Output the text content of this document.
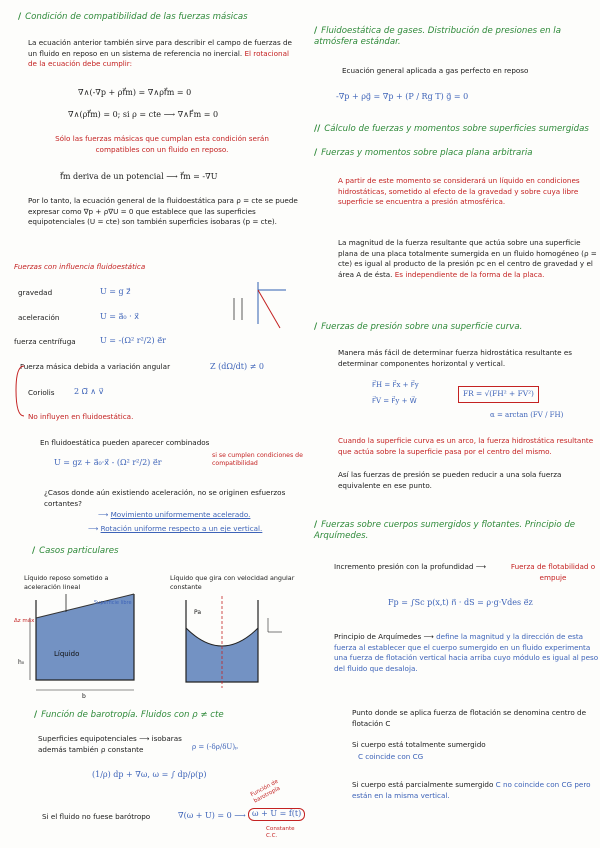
/ Condición de compatibilidad de las fuerzas másicas
La ecuación anterior también sirve para describir el campo de fuerzas de un fluido en reposo en un sistema de referencia no inercial. El rotacional de la ecuación debe cumplir:
∇∧(-∇p + ρf⃗m) = ∇∧ρf⃗m = 0
∇∧(ρf⃗m) = 0; si ρ = cte ⟶ ∇∧F⃗m = 0
Sólo las fuerzas másicas que cumplan esta condición serán compatibles con un fluido en reposo.
f⃗m deriva de un potencial ⟶ f⃗m = -∇U
Por lo tanto, la ecuación general de la fluidoestática para ρ = cte se puede expresar como ∇p + ρ∇U = 0 que establece que las superficies equipotenciales (U = cte) son también superficies isobaras (p = cte).
Fuerzas con influencia fluidoestática
gravedad	U = g z⃗
aceleración	U = a⃗₀ · x⃗
fuerza centrífuga	U = -(Ω² r²/2) e⃗r
Fuerza másica debida a variación angular	Z (dΩ/dt) ≠ 0
Coriolis 2 Ω⃗ ∧ v⃗
No influyen en fluidoestática.
En fluidoestática pueden aparecer combinados
U = gz + a⃗₀·x⃗ - (Ω² r²/2) e⃗r
si se cumplen condiciones de compatibilidad
¿Casos donde aún existiendo aceleración, no se originen esfuerzos cortantes?
⟶ Movimiento uniformemente acelerado.
⟶ Rotación uniforme respecto a un eje vertical.
/ Casos particulares
Líquido reposo sometido a aceleración lineal
Líquido que gira con velocidad angular constante
Líquido
Superficie libre
Δz máx
h₀
b
Pa
/ Función de barotropía. Fluidos con ρ ≠ cte
Superficies equipotenciales ⟶ isobaras además también ρ constante	ρ = (-δρ/δU)ₚ
(1/ρ) dp + ∇ω, ω = ∫ dp/ρ(p)
Si el fluido no fuese barótropo	∇(ω + U) = 0 ⟶ ω + U = f(t)
Función de barotropía
Constante C.C.
/ Fluidoestática de gases. Distribución de presiones en la atmósfera estándar.
Ecuación general aplicada a gas perfecto en reposo
-∇p + ρg⃗ = ∇p + (P / Rg T) g⃗ = 0
// Cálculo de fuerzas y momentos sobre superficies sumergidas
/ Fuerzas y momentos sobre placa plana arbitraria
A partir de este momento se considerará un líquido en condiciones hidrostáticas, sometido al efecto de la gravedad y sobre cuya libre superficie se encuentra a presión atmosférica.
La magnitud de la fuerza resultante que actúa sobre una superficie plana de una placa totalmente sumergida en un fluido homogéneo (ρ = cte) es igual al producto de la presión pc en el centro de gravedad y el área A de ésta. Es independiente de la forma de la placa.
/ Fuerzas de presión sobre una superficie curva.
Manera más fácil de determinar fuerza hidrostática resultante es determinar componentes horizontal y vertical.
F⃗H = F⃗x + F⃗y
F⃗V = F⃗y + W⃗
FR = √(FH² + FV²)
α = arctan (FV / FH)
Cuando la superficie curva es un arco, la fuerza hidrostática resultante que actúa sobre la superficie pasa por el centro del mismo.
Así las fuerzas de presión se pueden reducir a una sola fuerza equivalente en ese punto.
/ Fuerzas sobre cuerpos sumergidos y flotantes. Principio de Arquímedes.
Incremento presión con la profundidad ⟶	Fuerza de flotabilidad o empuje
Fp = ∫Sc p(x,t) n⃗ · dS = ρ·g·Vdes e⃗z
Principio de Arquímedes ⟶ define la magnitud y la dirección de esta fuerza al establecer que el cuerpo sumergido en un fluido experimenta una fuerza de flotación vertical hacia arriba cuyo módulo es igual al peso del fluido que desaloja.
Punto donde se aplica fuerza de flotación se denomina centro de flotación C
Si cuerpo está totalmente sumergido
C coincide con CG
Si cuerpo está parcialmente sumergido C no coincide con CG pero están en la misma vertical.
